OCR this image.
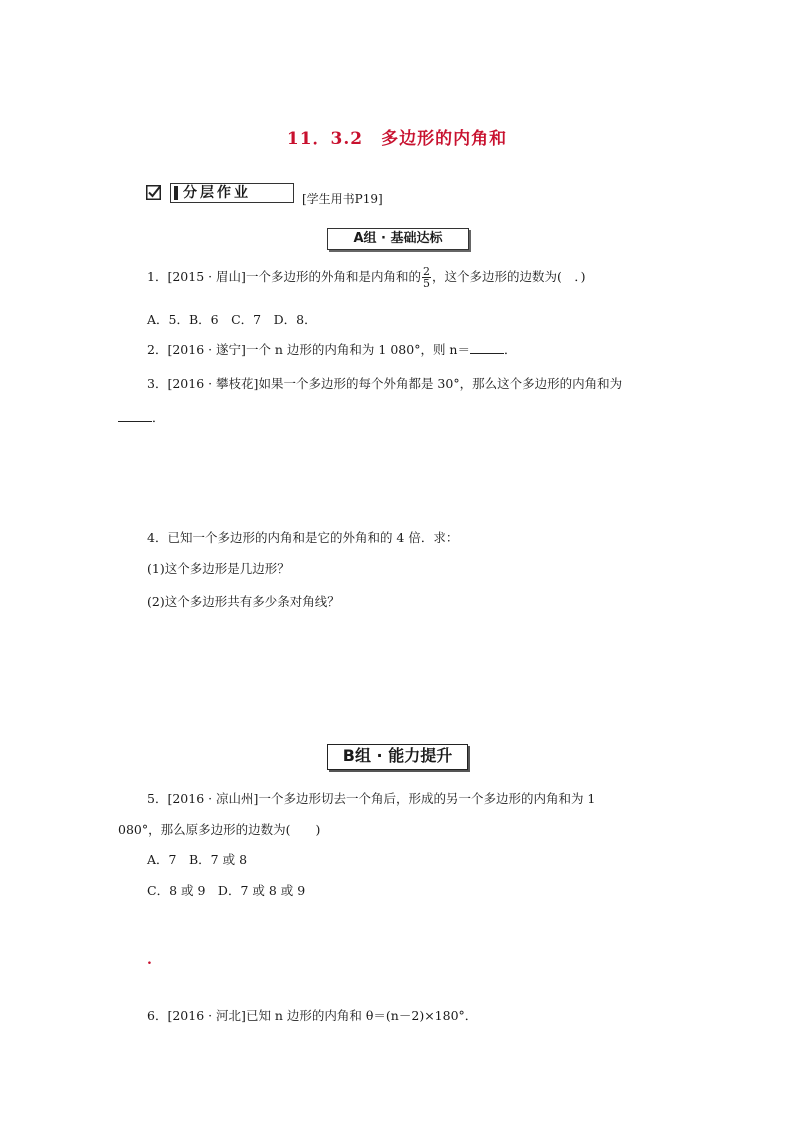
11．3.2　多边形的内角和
分层作业	[学生用书P19]
A组 · 基础达标
1．[2015 · 眉山]一个多边形的外角和是内角和的 $\frac{2}{5}$ ，这个多边形的边数为(　．)
A．5．B．6　C．7　D．8．
2．[2016 · 遂宁]一个 n 边形的内角和为 1 080°，则 n＝	．
3．[2016 · 攀枝花]如果一个多边形的每个外角都是 30°，那么这个多边形的内角和为
．
4．已知一个多边形的内角和是它的外角和的 4 倍．求：
(1)这个多边形是几边形？
(2)这个多边形共有多少条对角线？
B组 · 能力提升
5．[2016 · 凉山州]一个多边形切去一个角后，形成的另一个多边形的内角和为 1
080°，那么原多边形的边数为(　　)
A．7　B．7 或 8
C．8 或 9　D．7 或 8 或 9
.
6．[2016 · 河北]已知 n 边形的内角和 θ＝(n－2)×180°．
